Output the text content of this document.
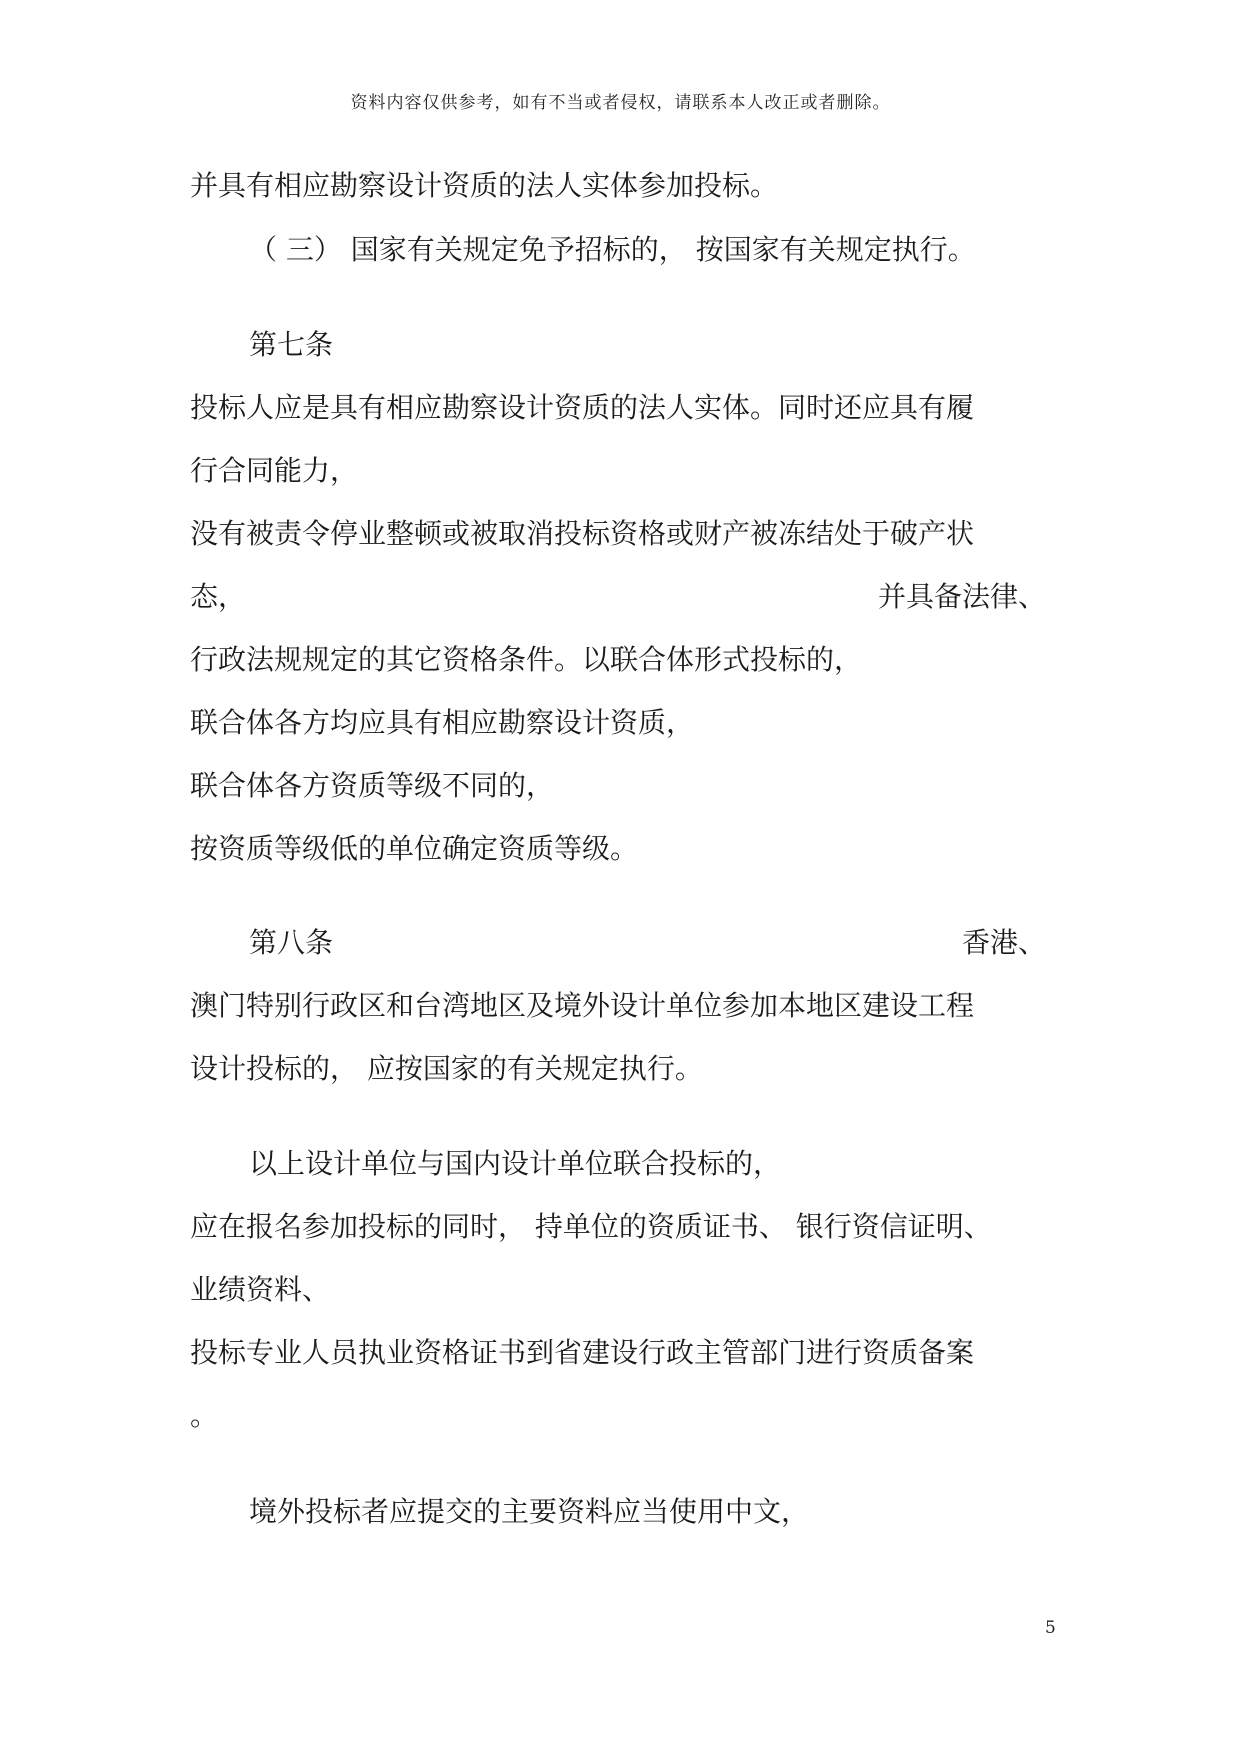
资料内容仅供参考，如有不当或者侵权，请联系本人改正或者删除。
并具有相应勘察设计资质的法人实体参加投标。
（ 三） 国家有关规定免予招标的， 按国家有关规定执行。
第七条
投标人应是具有相应勘察设计资质的法人实体。同时还应具有履
行合同能力，
没有被责令停业整顿或被取消投标资格或财产被冻结处于破产状
态，	并具备法律、
行政法规规定的其它资格条件。以联合体形式投标的，
联合体各方均应具有相应勘察设计资质，
联合体各方资质等级不同的，
按资质等级低的单位确定资质等级。
第八条	香港、
澳门特别行政区和台湾地区及境外设计单位参加本地区建设工程
设计投标的， 应按国家的有关规定执行。
以上设计单位与国内设计单位联合投标的，
应在报名参加投标的同时， 持单位的资质证书、 银行资信证明、
业绩资料、
投标专业人员执业资格证书到省建设行政主管部门进行资质备案
。
境外投标者应提交的主要资料应当使用中文，
5
